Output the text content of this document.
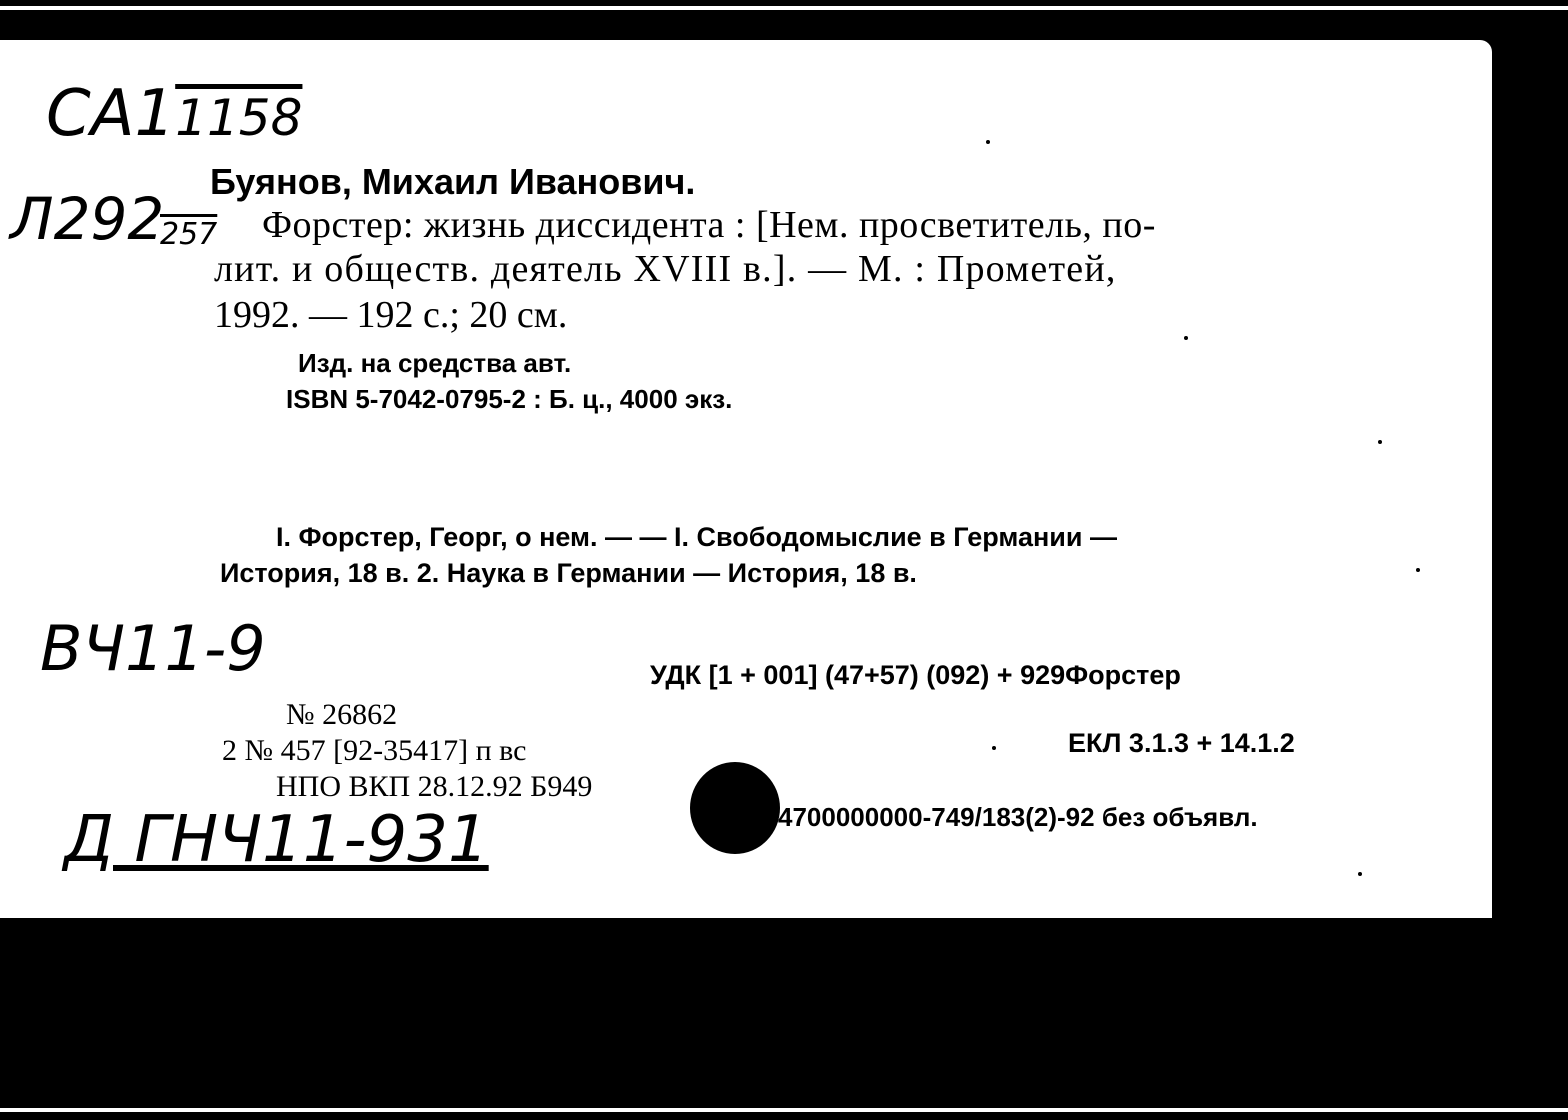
СА11158
Л292
257
Буянов, Михаил Иванович.
Форстер: жизнь диссидента : [Нем. просветитель, по-
лит. и обществ. деятель XVIII в.]. — М. : Прометей,
1992. — 192 с.; 20 см.
Изд. на средства авт.
ISBN 5-7042-0795-2 : Б. ц., 4000 экз.
I. Форстер, Георг, о нем. — — I. Свободомыслие в Германии —
История, 18 в. 2. Наука в Германии — История, 18 в.
ВЧ11-9	УДК [1 + 001] (47+57) (092) + 929Форстер
ЕКЛ 3.1.3 + 14.1.2
№ 26862
2 № 457 [92-35417] п вс
НПО ВКП 28.12.92 Б949
4700000000-749/183(2)-92 без объявл.
Д ГНЧ11-931
